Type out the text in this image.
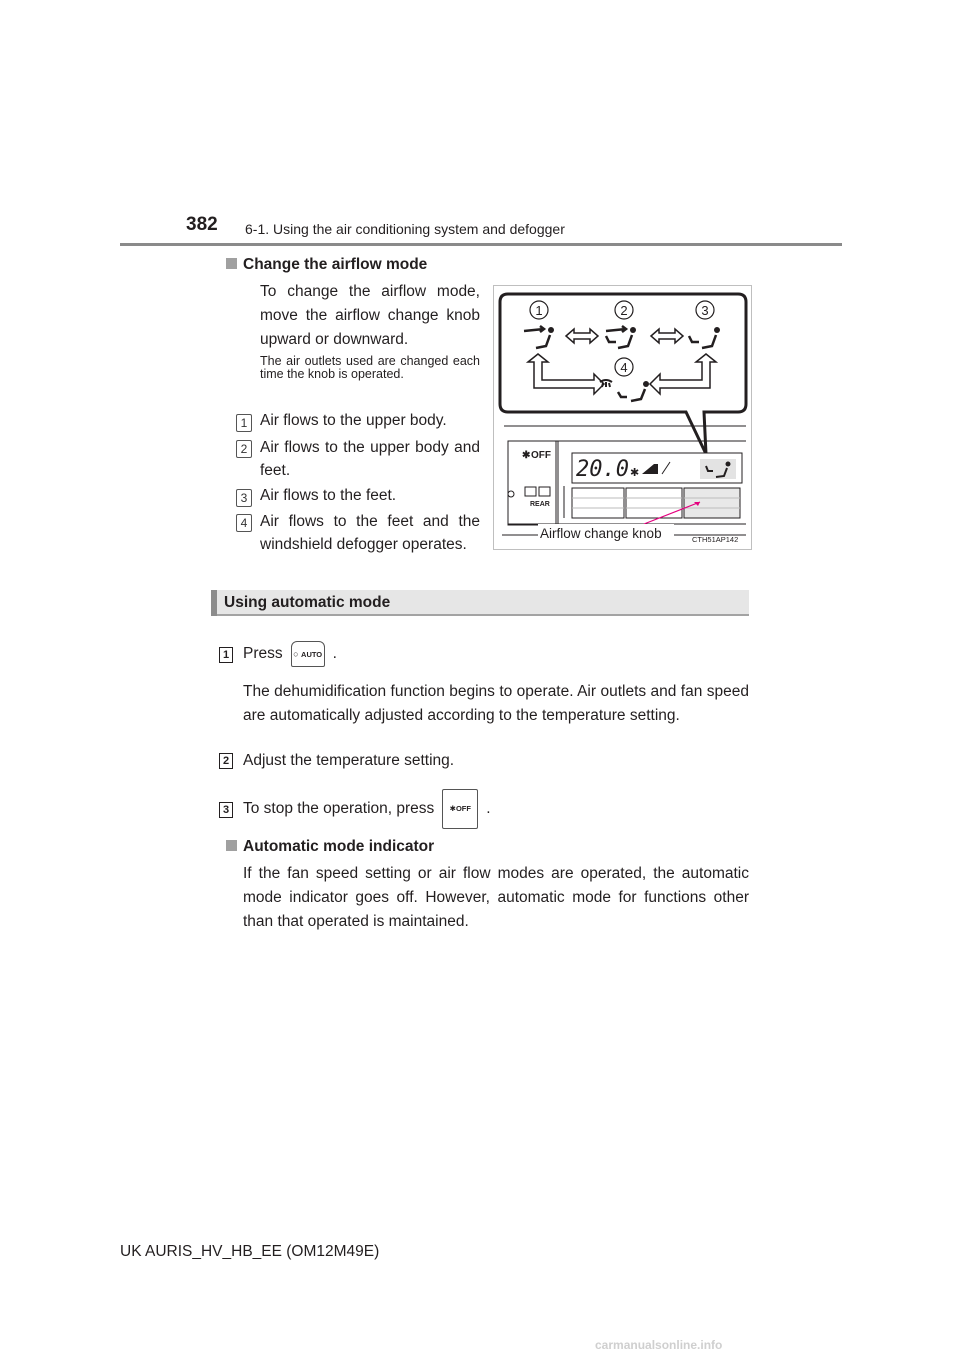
382 6-1. Using the air conditioning system and defogger
Change the airflow mode
To change the airflow mode, move the airflow change knob upward or downward.
The air outlets used are changed each time the knob is operated.
1 Air flows to the upper body.
2 Air flows to the upper body and feet.
3 Air flows to the feet.
4 Air flows to the feet and the windshield defogger operates.
1	2	3
4
✱ OFF
REAR
20.0 ✱
Airflow change knob	CTH51AP142
Using automatic mode
1 Press ○ AUTO .
The dehumidification function begins to operate. Air outlets and fan speed are automatically adjusted according to the temperature setting.
2 Adjust the temperature setting.
3 To stop the operation, press ✱OFF .
Automatic mode indicator
If the fan speed setting or air flow modes are operated, the automatic mode indicator goes off. However, automatic mode for functions other than that operated is maintained.
UK AURIS_HV_HB_EE (OM12M49E)
carmanualsonline.info
